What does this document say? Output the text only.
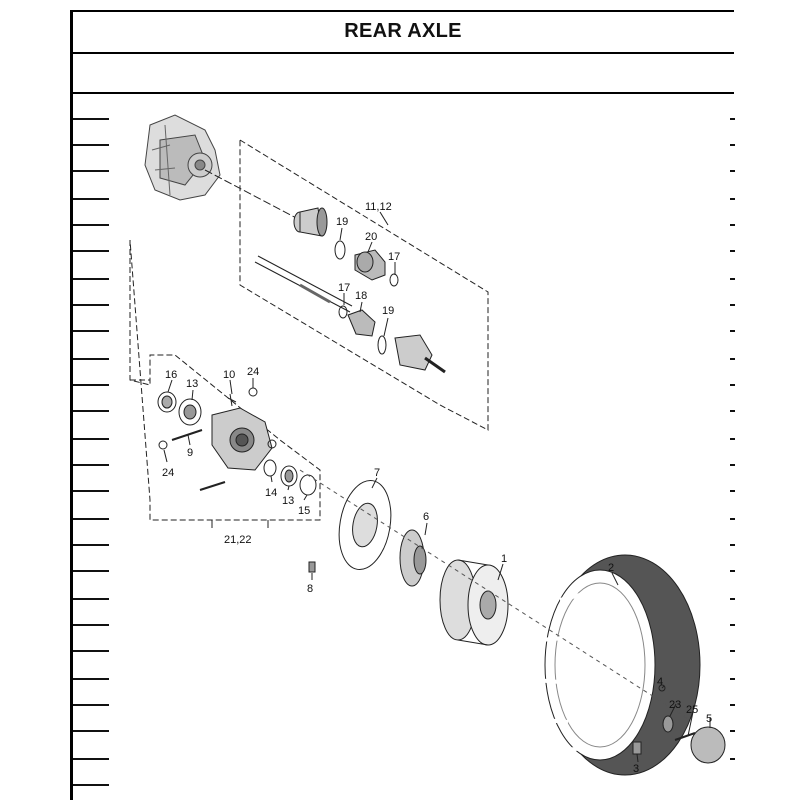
REAR AXLE
11,12
19
20
17
17
18
19
16
13
10 24
9
24
14
13
15
21,22
7
6
1
2
8
4
23 25
5
3
